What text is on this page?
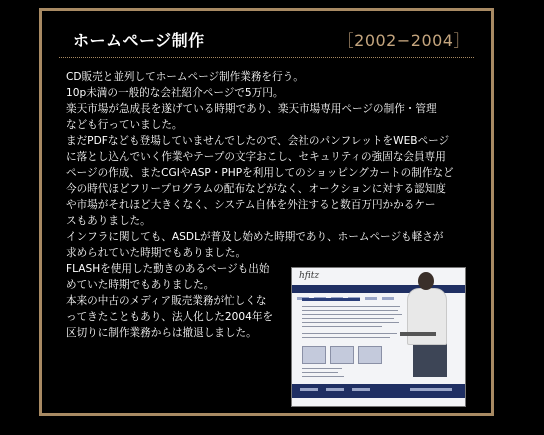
ホームページ制作	［2002−2004］
CD販売と並列してホームページ制作業務を行う。
10p未満の一般的な会社紹介ページで5万円。
楽天市場が急成長を遂げている時期であり、楽天市場専用ページの制作・管理
なども行っていました。
まだPDFなども登場していませんでしたので、会社のパンフレットをWEBページ
に落とし込んでいく作業やテープの文字おこし、セキュリティの強固な会員専用
ページの作成、またCGIやASP・PHPを利用してのショッピングカートの制作など
今の時代ほどフリープログラムの配布などがなく、オークションに対する認知度
や市場がそれほど大きくなく、システム自体を外注すると数百万円かかるケー
スもありました。
インフラに関しても、ASDLが普及し始めた時期であり、ホームページも軽さが
求められていた時期でもありました。
FLASHを使用した動きのあるページも出始
めていた時期でもありました。
本来の中古のメディア販売業務が忙しくな
ってきたこともあり、法人化した2004年を
区切りに制作業務からは撤退しました。
hfitz
